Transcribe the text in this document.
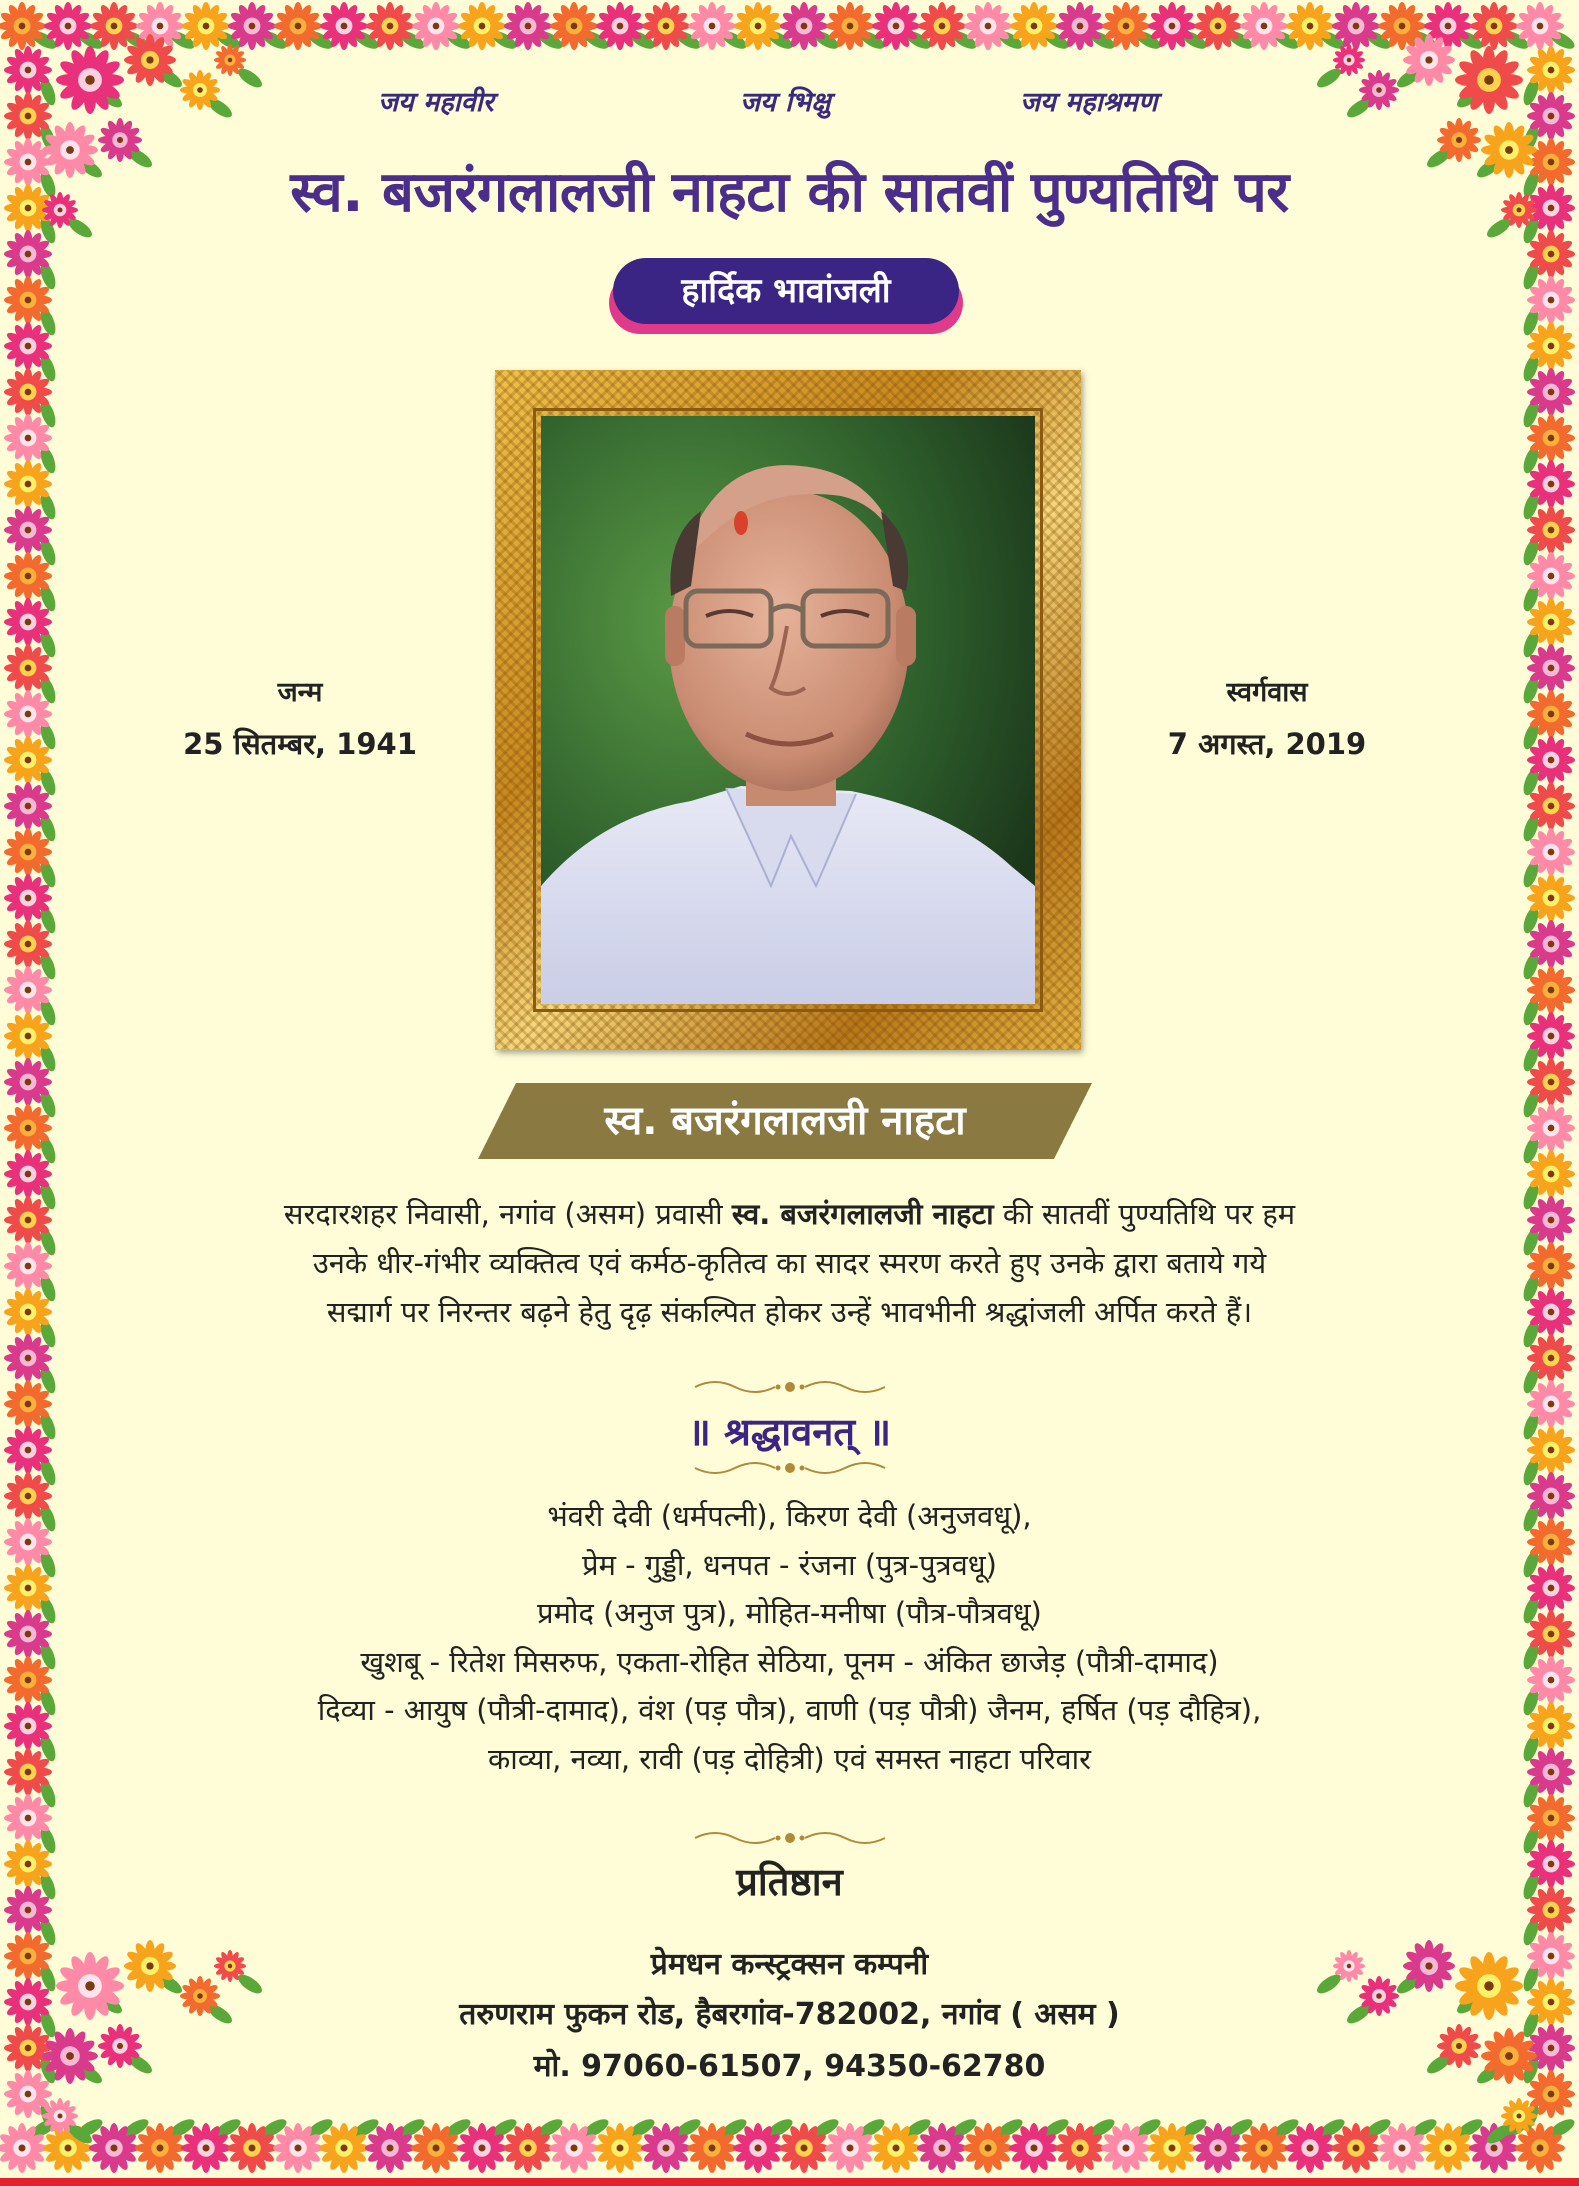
जय महावीर	जय भिक्षु	जय महाश्रमण
स्व. बजरंगलालजी नाहटा की सातवीं पुण्यतिथि पर
हार्दिक भावांजली
जन्म
25 सितम्बर, 1941
स्वर्गवास
7 अगस्त, 2019
स्व. बजरंगलालजी नाहटा
सरदारशहर निवासी, नगांव (असम) प्रवासी स्व. बजरंगलालजी नाहटा की सातवीं पुण्यतिथि पर हम
उनके धीर-गंभीर व्यक्तित्व एवं कर्मठ-कृतित्व का सादर स्मरण करते हुए उनके द्वारा बताये गये
सद्मार्ग पर निरन्तर बढ़ने हेतु दृढ़ संकल्पित होकर उन्हें भावभीनी श्रद्धांजली अर्पित करते हैं।
॥ श्रद्धावनत् ॥
भंवरी देवी (धर्मपत्नी), किरण देवी (अनुजवधू),
प्रेम - गुड्डी, धनपत - रंजना (पुत्र-पुत्रवधू)
प्रमोद (अनुज पुत्र), मोहित-मनीषा (पौत्र-पौत्रवधू)
खुशबू - रितेश मिसरुफ, एकता-रोहित सेठिया, पूनम - अंकित छाजेड़ (पौत्री-दामाद)
दिव्या - आयुष (पौत्री-दामाद), वंश (पड़ पौत्र), वाणी (पड़ पौत्री) जैनम, हर्षित (पड़ दौहित्र),
काव्या, नव्या, रावी (पड़ दोहित्री) एवं समस्त नाहटा परिवार
प्रतिष्ठान
प्रेमधन कन्स्ट्रक्सन कम्पनी
तरुणराम फुकन रोड, हैबरगांव-782002, नगांव ( असम )
मो. 97060-61507, 94350-62780
